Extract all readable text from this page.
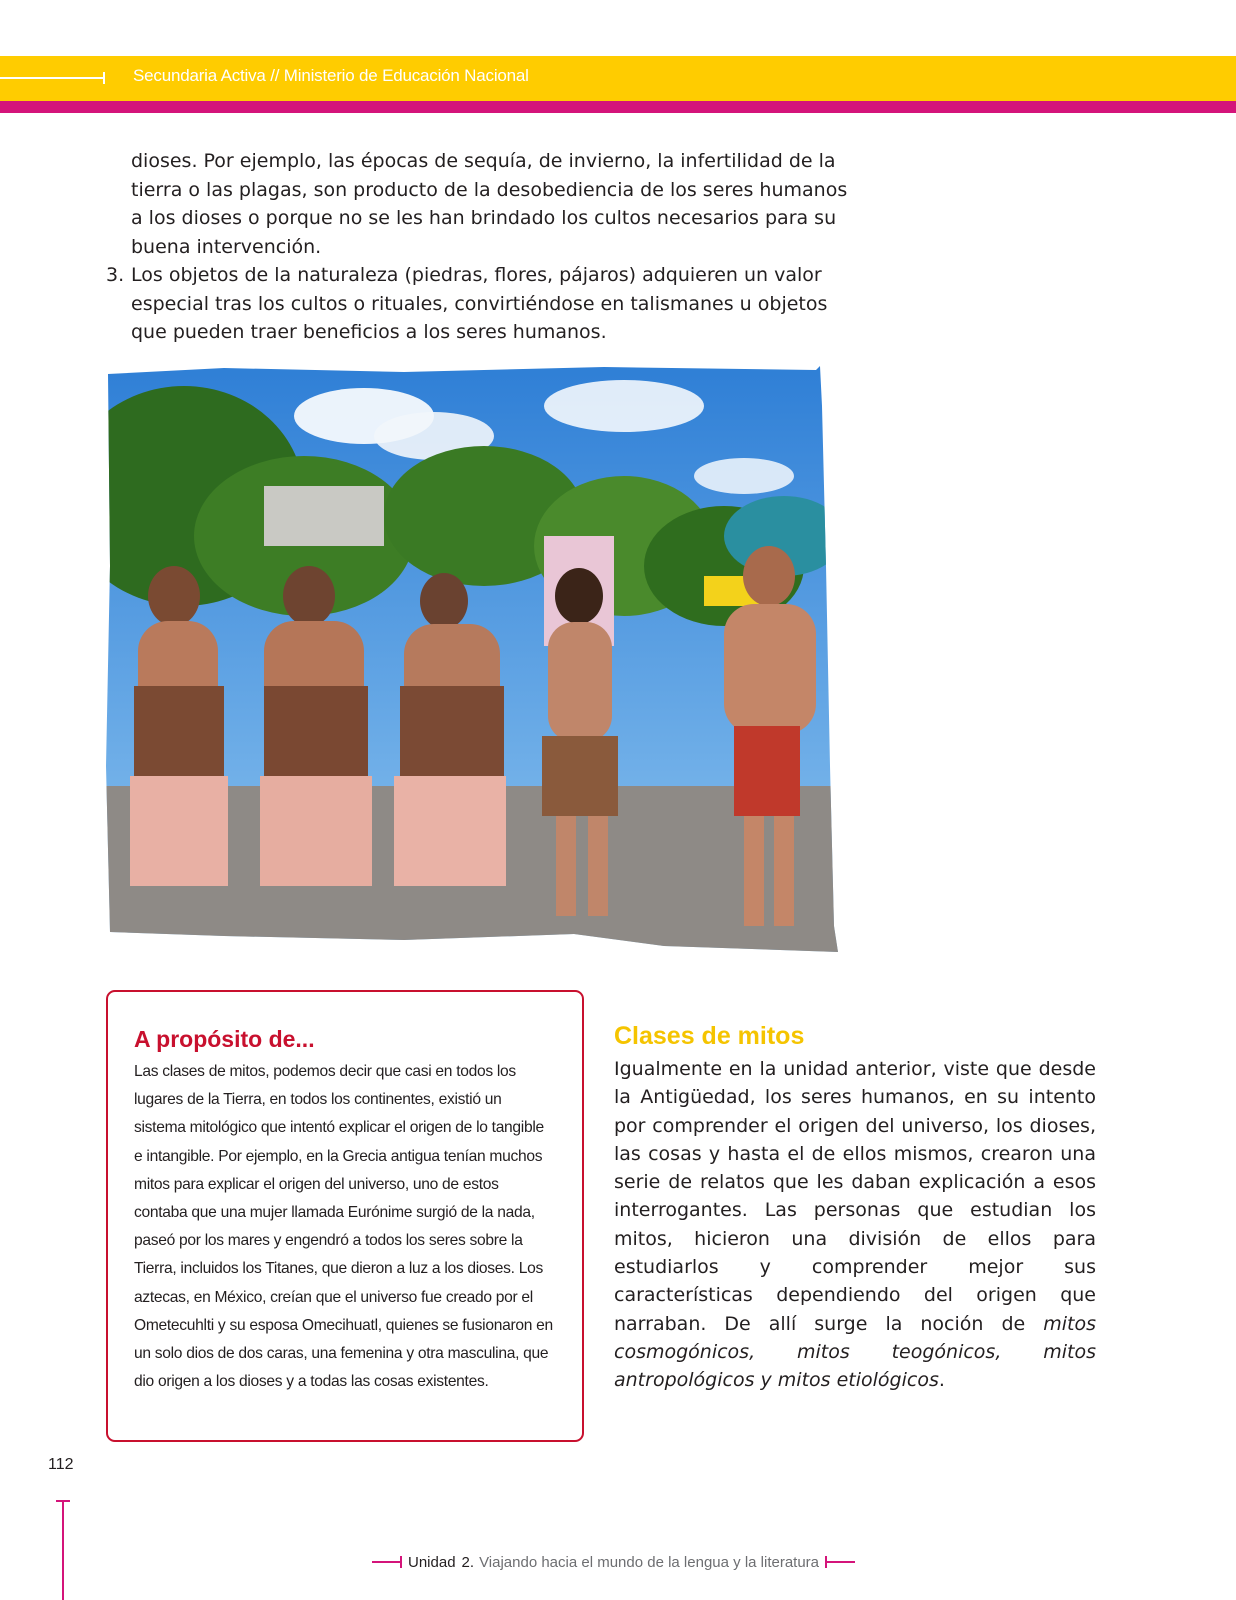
Secundaria Activa // Ministerio de Educación Nacional

dioses. Por ejemplo, las épocas de sequía, de invierno, la infertilidad de la tierra o las plagas, son producto de la desobediencia de los seres humanos a los dioses o porque no se les han brindado los cultos necesarios para su buena intervención.

3. Los objetos de la naturaleza (piedras, flores, pájaros) adquieren un valor especial tras los cultos o rituales, convirtiéndose en talismanes u objetos que pueden traer beneficios a los seres humanos.

A propósito de...
Las clases de mitos, podemos decir que casi en todos los lugares de la Tierra, en todos los continentes, existió un sistema mitológico que intentó explicar el origen de lo tangible e intangible. Por ejemplo, en la Grecia antigua tenían muchos mitos para explicar el origen del universo, uno de estos contaba que una mujer llamada Eurónime surgió de la nada, paseó por los mares y engendró a todos los seres sobre la Tierra, incluidos los Titanes, que dieron a luz a los dioses. Los aztecas, en México, creían que el universo fue creado por el Ometecuhlti y su esposa Omecihuatl, quienes se fusionaron en un solo dios de dos caras, una femenina y otra masculina, que dio origen a los dioses y a todas las cosas existentes.
Clases de mitos
Igualmente en la unidad anterior, viste que desde la Antigüedad, los seres humanos, en su intento por comprender el origen del universo, los dioses, las cosas y hasta el de ellos mismos, crearon una serie de relatos que les daban explicación a esos interrogantes. Las personas que estudian los mitos, hicieron una división de ellos para estudiarlos y comprender mejor sus características dependiendo del origen que narraban. De allí surge la noción de mitos cosmogónicos, mitos teogónicos, mitos antropológicos y mitos etiológicos.
112
Unidad 2. Viajando hacia el mundo de la lengua y la literatura
